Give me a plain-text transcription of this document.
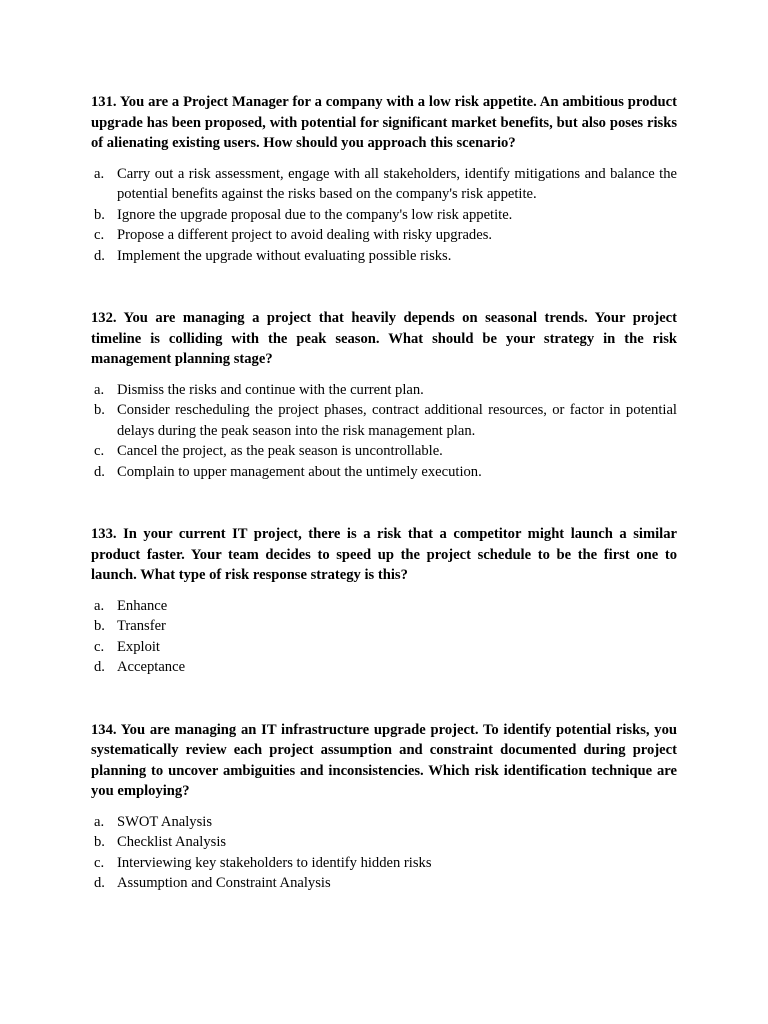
131. You are a Project Manager for a company with a low risk appetite. An ambitious product upgrade has been proposed, with potential for significant market benefits, but also poses risks of alienating existing users. How should you approach this scenario?

a. Carry out a risk assessment, engage with all stakeholders, identify mitigations and balance the potential benefits against the risks based on the company's risk appetite.
b. Ignore the upgrade proposal due to the company's low risk appetite.
c. Propose a different project to avoid dealing with risky upgrades.
d. Implement the upgrade without evaluating possible risks.

132. You are managing a project that heavily depends on seasonal trends. Your project timeline is colliding with the peak season. What should be your strategy in the risk management planning stage?

a. Dismiss the risks and continue with the current plan.
b. Consider rescheduling the project phases, contract additional resources, or factor in potential delays during the peak season into the risk management plan.
c. Cancel the project, as the peak season is uncontrollable.
d. Complain to upper management about the untimely execution.

133. In your current IT project, there is a risk that a competitor might launch a similar product faster. Your team decides to speed up the project schedule to be the first one to launch. What type of risk response strategy is this?

a. Enhance
b. Transfer
c. Exploit
d. Acceptance

134. You are managing an IT infrastructure upgrade project. To identify potential risks, you systematically review each project assumption and constraint documented during project planning to uncover ambiguities and inconsistencies. Which risk identification technique are you employing?

a. SWOT Analysis
b. Checklist Analysis
c. Interviewing key stakeholders to identify hidden risks
d. Assumption and Constraint Analysis
